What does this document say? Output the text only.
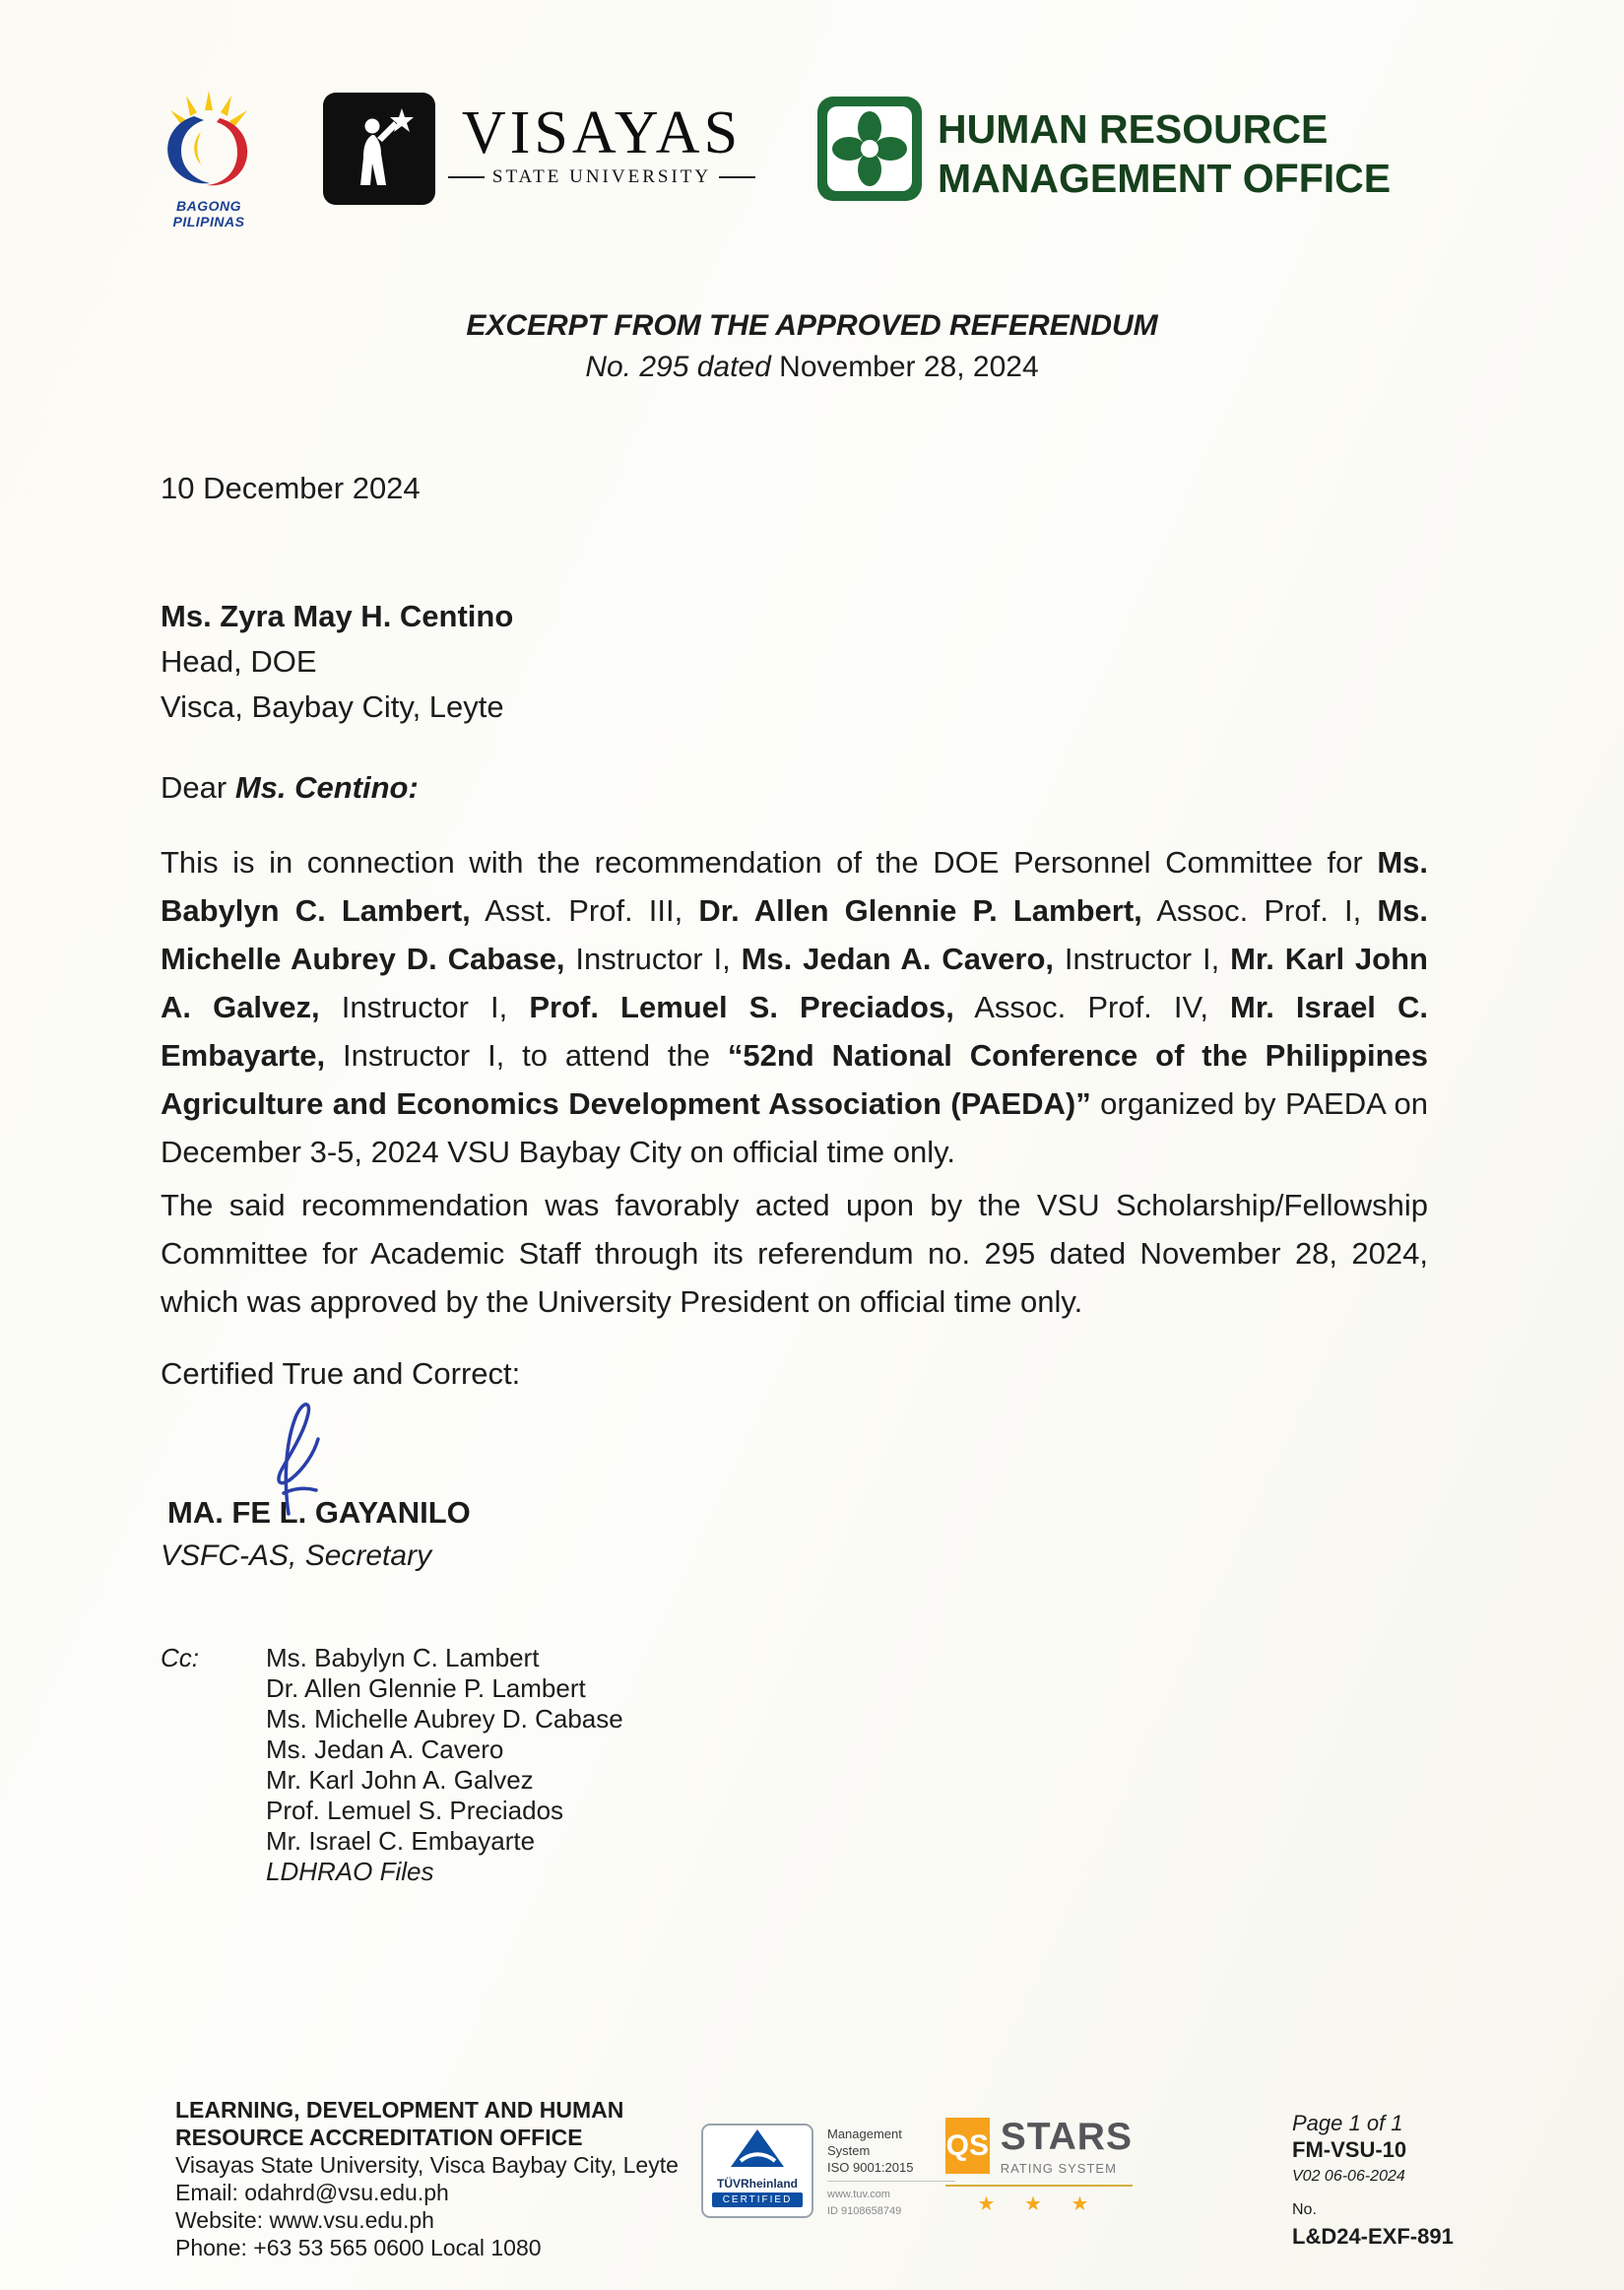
BAGONG PILIPINAS
VISAYAS
STATE UNIVERSITY
HUMAN RESOURCE
MANAGEMENT OFFICE
EXCERPT FROM THE APPROVED REFERENDUM
No. 295 dated November 28, 2024
10 December 2024
Ms. Zyra May H. Centino
Head, DOE
Visca, Baybay City, Leyte
Dear Ms. Centino:

This is in connection with the recommendation of the DOE Personnel Committee for Ms. Babylyn C. Lambert, Asst. Prof. III, Dr. Allen Glennie P. Lambert, Assoc. Prof. I, Ms. Michelle Aubrey D. Cabase, Instructor I, Ms. Jedan A. Cavero, Instructor I, Mr. Karl John A. Galvez, Instructor I, Prof. Lemuel S. Preciados, Assoc. Prof. IV, Mr. Israel C. Embayarte, Instructor I, to attend the “52nd National Conference of the Philippines Agriculture and Economics Development Association (PAEDA)” organized by PAEDA on December 3-5, 2024 VSU Baybay City on official time only.

The said recommendation was favorably acted upon by the VSU Scholarship/Fellowship Committee for Academic Staff through its referendum no. 295 dated November 28, 2024, which was approved by the University President on official time only.

Certified True and Correct:
MA. FE L. GAYANILO
VSFC-AS, Secretary
Cc:	Ms. Babylyn C. Lambert
Dr. Allen Glennie P. Lambert
Ms. Michelle Aubrey D. Cabase
Ms. Jedan A. Cavero
Mr. Karl John A. Galvez
Prof. Lemuel S. Preciados
Mr. Israel C. Embayarte
LDHRAO Files
LEARNING, DEVELOPMENT AND HUMAN
RESOURCE ACCREDITATION OFFICE
Visayas State University, Visca Baybay City, Leyte
Email: odahrd@vsu.edu.ph
Website: www.vsu.edu.ph
Phone: +63 53 565 0600 Local 1080
TÜVRheinland
CERTIFIED
Management
System
ISO 9001:2015
www.tuv.com
ID 9108658749
QS STARS
RATING SYSTEM
★ ★ ★
Page 1 of 1
FM-VSU-10
V02 06-06-2024
No.
L&D24-EXF-891
